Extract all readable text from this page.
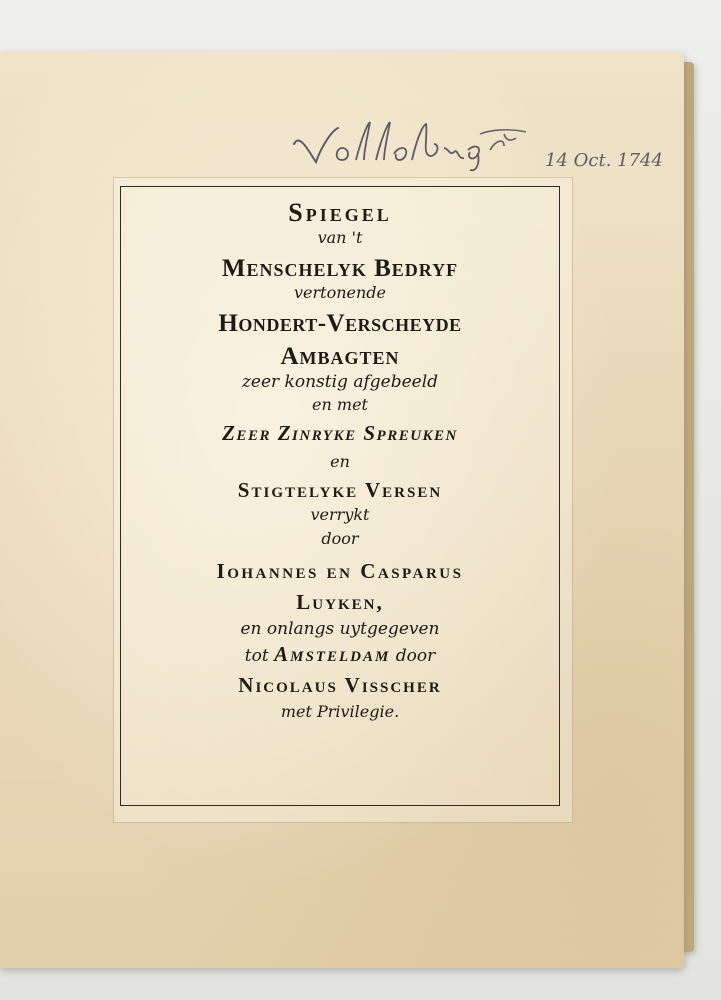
14 Oct. 1744
Spiegel
van 't
Menschelyk Bedryf
vertonende
Hondert-Verscheyde
Ambagten
zeer konstig afgebeeld
en met
Zeer Zinryke Spreuken
en
Stigtelyke Versen
verrykt
door
Iohannes en Casparus
Luyken,
en onlangs uytgegeven
tot Amsteldam door
Nicolaus Visscher
met Privilegie.
